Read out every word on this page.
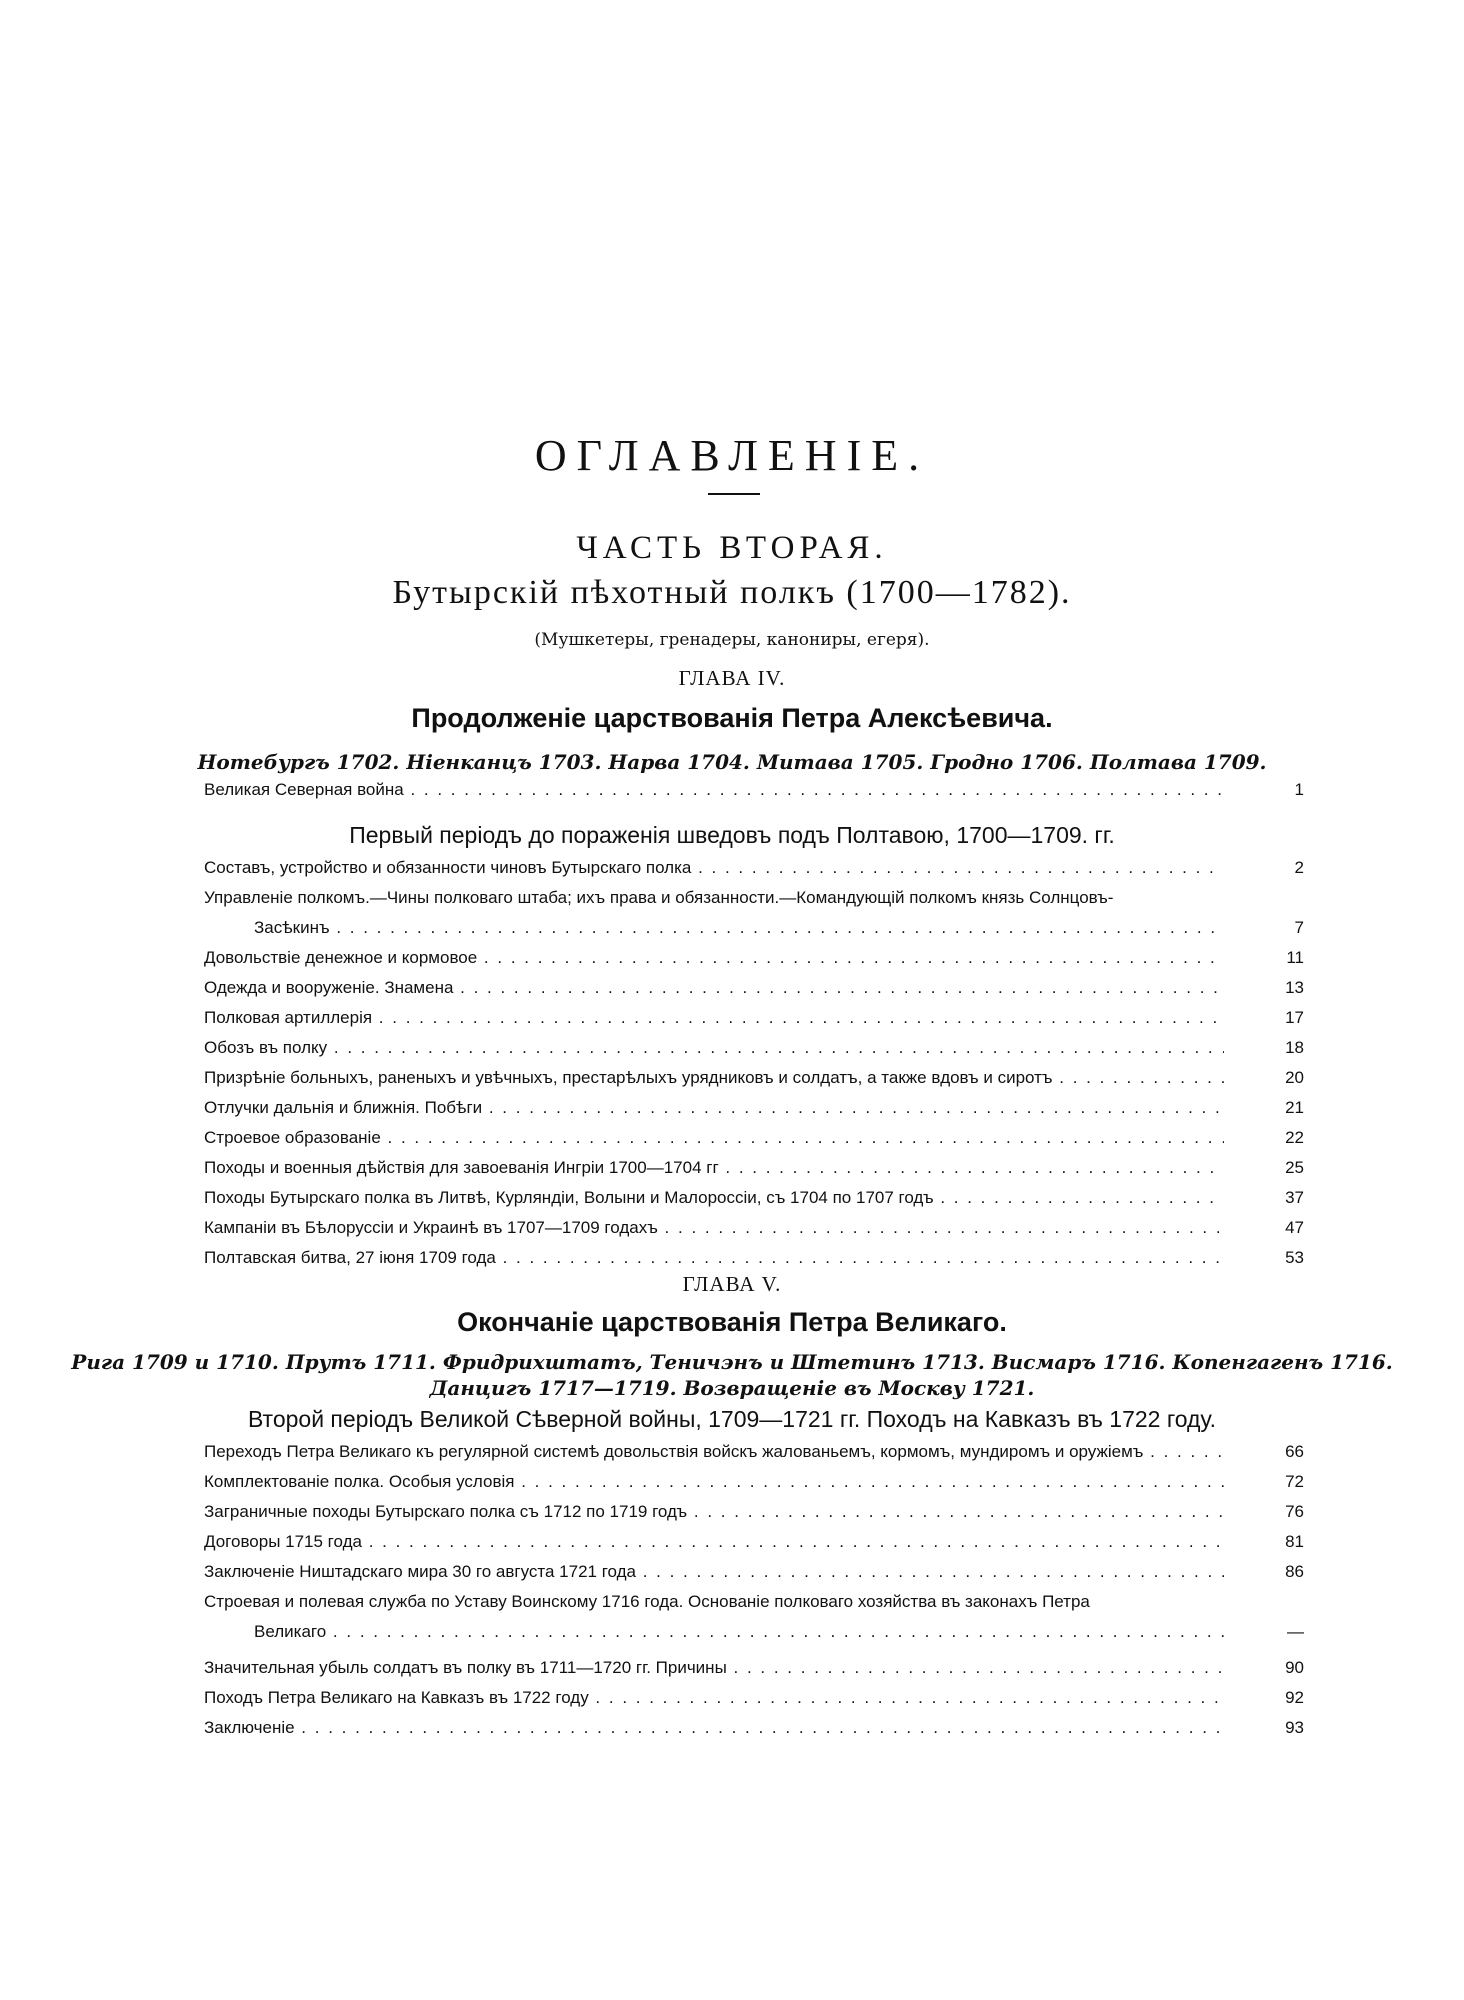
ОГЛАВЛЕНІЕ.
ЧАСТЬ ВТОРАЯ.
Бутырскій пѣхотный полкъ (1700—1782).
(Мушкетеры, гренадеры, канониры, егеря).
ГЛАВА IV.
Продолженіе царствованія Петра Алексѣевича.
Нотебургъ 1702. Ніенканцъ 1703. Нарва 1704. Митава 1705. Гродно 1706. Полтава 1709.
Великая Северная война . . .	1
Первый періодъ до пораженія шведовъ подъ Полтавою, 1700—1709. гг.
Составъ, устройство и обязанности чиновъ Бутырскаго полка . . .	2
Управленіе полкомъ.—Чины полковаго штаба; ихъ права и обязанности.—Командующій полкомъ князь Солнцовъ-
Засѣкинъ . . .	7
Довольствіе денежное и кормовое . . .	11
Одежда и вооруженіе. Знамена . . .	13
Полковая артиллерія . . .	17
Обозъ въ полку . . .	18
Призрѣніе больныхъ, раненыхъ и увѣчныхъ, престарѣлыхъ урядниковъ и солдатъ, а также вдовъ и сиротъ . . .	20
Отлучки дальнія и ближнія. Побѣги . . .	21
Строевое образованіе . . .	22
Походы и военныя дѣйствія для завоеванія Ингріи 1700—1704 гг . . .	25
Походы Бутырскаго полка въ Литвѣ, Курляндіи, Волыни и Малороссіи, съ 1704 по 1707 годъ . . .	37
Кампаніи въ Бѣлоруссіи и Украинѣ въ 1707—1709 годахъ . . .	47
Полтавская битва, 27 іюня 1709 года . . .	53
ГЛАВА V.
Окончаніе царствованія Петра Великаго.
Рига 1709 и 1710. Прутъ 1711. Фридрихштатъ, Теничэнъ и Штетинъ 1713. Висмаръ 1716. Копенгагенъ 1716.
Данцигъ 1717—1719. Возвращеніе въ Москву 1721.
Второй періодъ Великой Сѣверной войны, 1709—1721 гг. Походъ на Кавказъ въ 1722 году.
Переходъ Петра Великаго къ регулярной системѣ довольствія войскъ жалованьемъ, кормомъ, мундиромъ и оружіемъ . . .	66
Комплектованіе полка. Особыя условія . . .	72
Заграничные походы Бутырскаго полка съ 1712 по 1719 годъ . . .	76
Договоры 1715 года . . .	81
Заключеніе Ништадскаго мира 30 го августа 1721 года . . .	86
Строевая и полевая служба по Уставу Воинскому 1716 года. Основаніе полковаго хозяйства въ законахъ Петра
Великаго . . .	—
Значительная убыль солдатъ въ полку въ 1711—1720 гг. Причины . . .	90
Походъ Петра Великаго на Кавказъ въ 1722 году . . .	92
Заключеніе . . .	93
